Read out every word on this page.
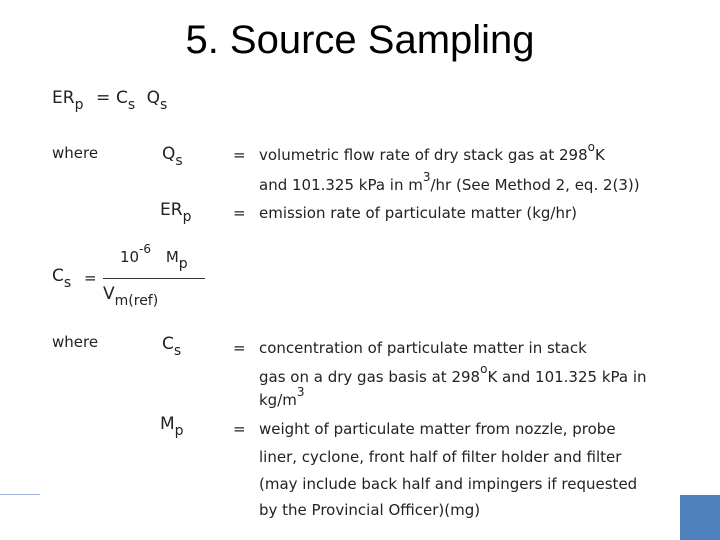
5. Source Sampling
$ER_p = C_s$ $Q_s$
where	$Q_s$	= volumetric flow rate of dry stack gas at 298$^o$K
and 101.325 kPa in $m^3/hr$ (See Method 2, eq. 2(3))
$ER_p$	= emission rate of particulate matter (kg/hr)
$10^{-6}$ Mp
$C_s$ =
$V_{m(ref)}$
where	$C_s$	= concentration of particulate matter in stack
gas on a dry gas basis at 298$^o$K and 101.325 kPa in
$kg/m^3$
$M_p$	= weight of particulate matter from nozzle, probe
liner, cyclone, front half of filter holder and filter
(may include back half and impingers if requested
by the Provincial Officer)(mg)
